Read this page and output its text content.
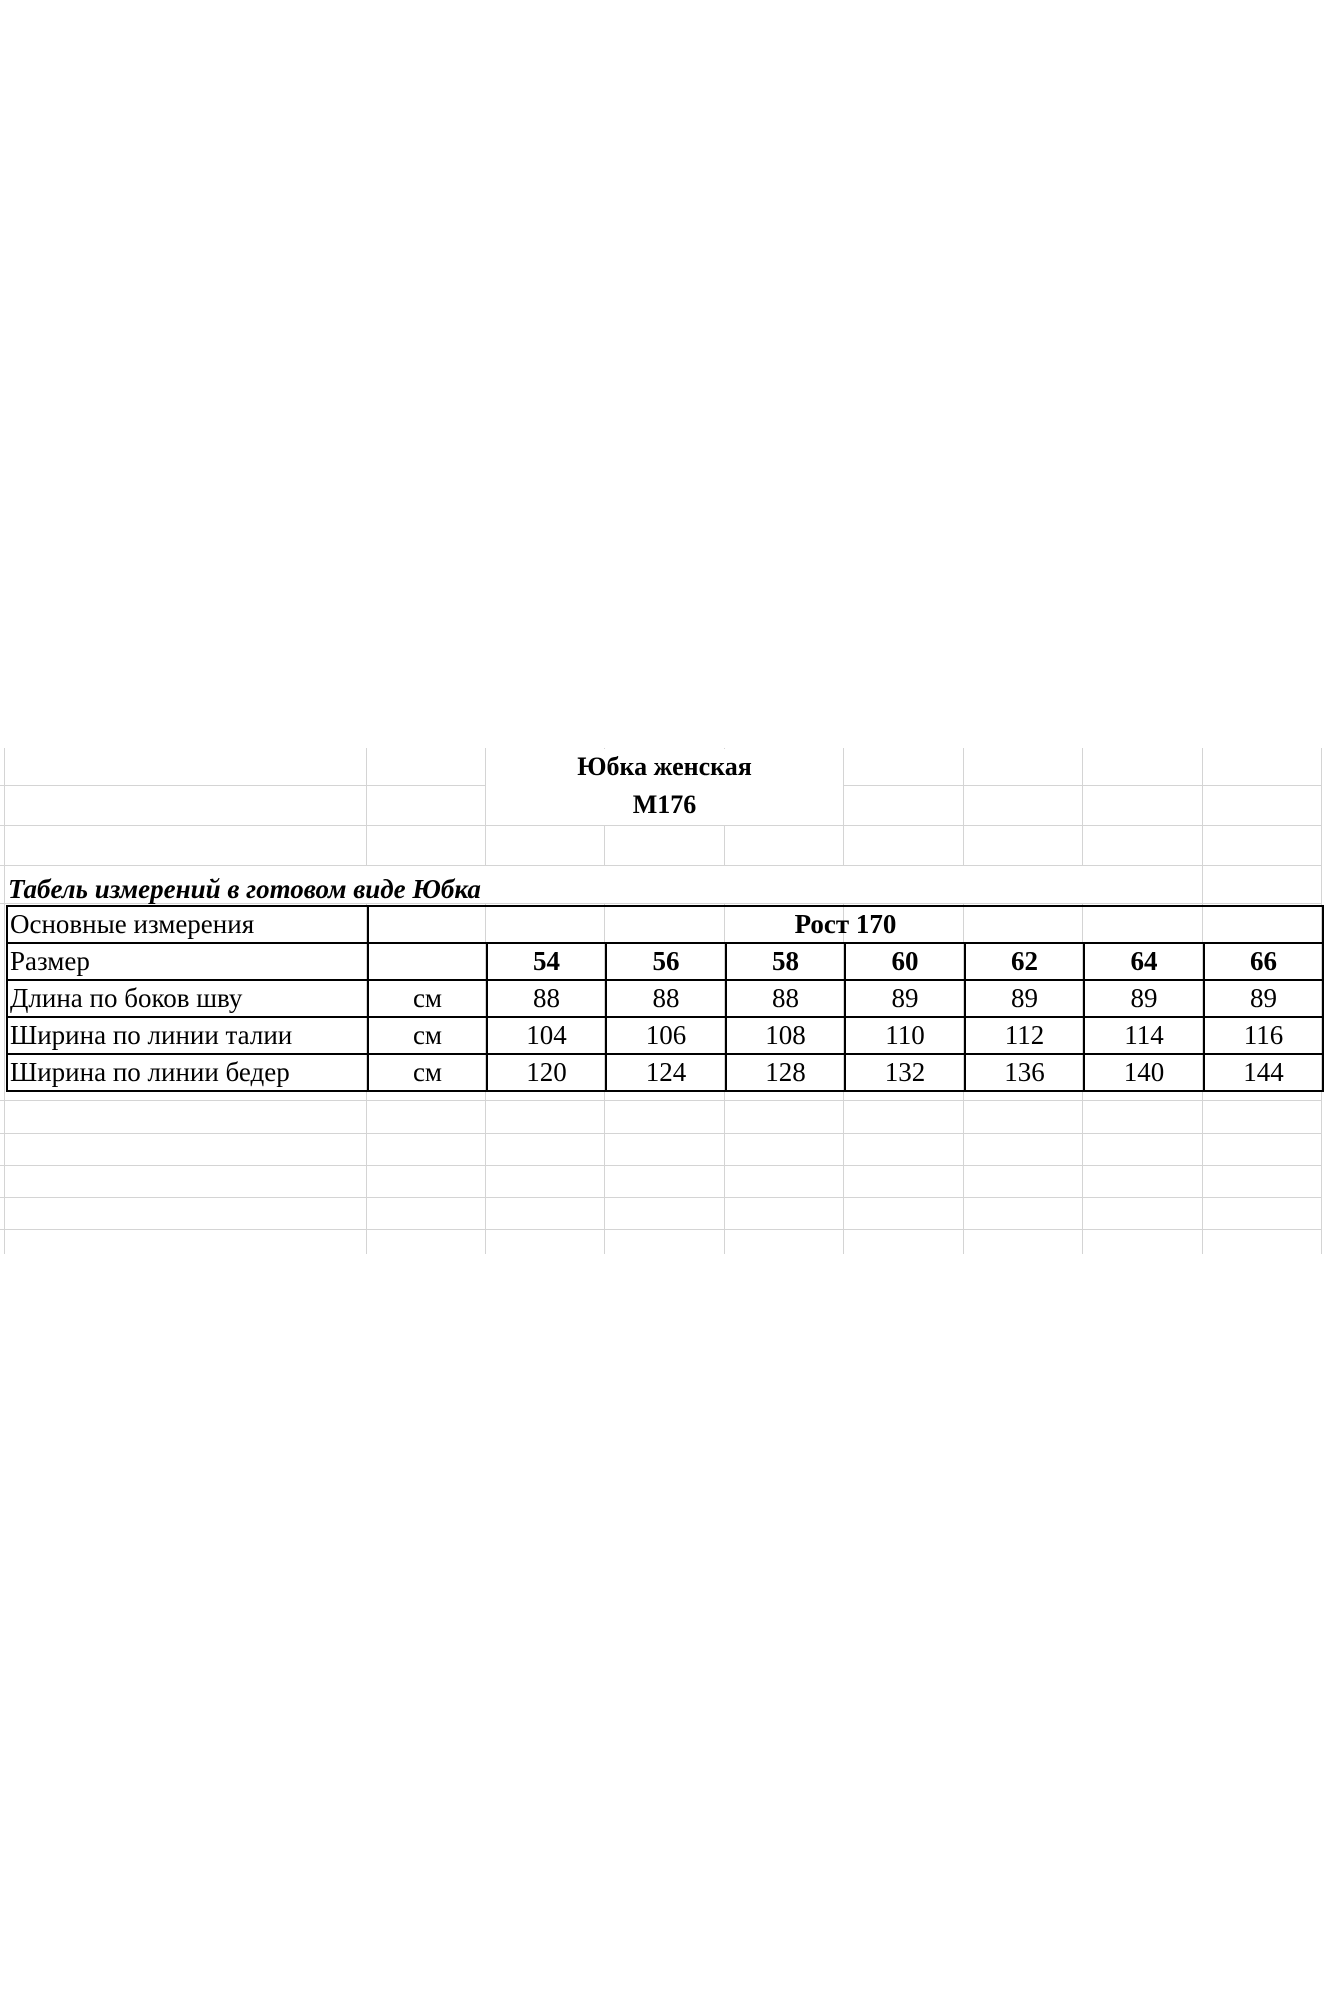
Юбка женская
М176
Табель измерений в готовом виде Юбка
Основные измерения	Рост 170							
Размер		54	56	58	60	62	64	66
Длина по боков шву	см	88	88	88	89	89	89	89
Ширина по линии талии	см	104	106	108	110	112	114	116
Ширина по линии бедер	см	120	124	128	132	136	140	144
